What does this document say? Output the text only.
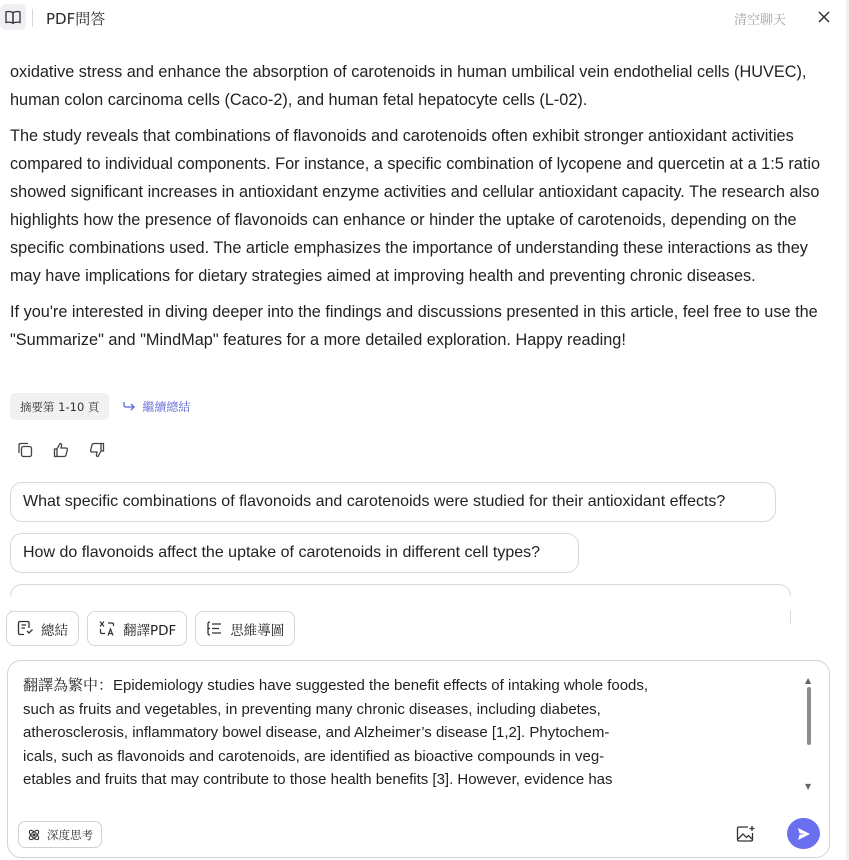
PDF問答	清空聊天

oxidative stress and enhance the absorption of carotenoids in human umbilical vein endothelial cells (HUVEC), human colon carcinoma cells (Caco-2), and human fetal hepatocyte cells (L-02).

The study reveals that combinations of flavonoids and carotenoids often exhibit stronger antioxidant activities compared to individual components. For instance, a specific combination of lycopene and quercetin at a 1:5 ratio showed significant increases in antioxidant enzyme activities and cellular antioxidant capacity. The research also highlights how the presence of flavonoids can enhance or hinder the uptake of carotenoids, depending on the specific combinations used. The article emphasizes the importance of understanding these interactions as they may have implications for dietary strategies aimed at improving health and preventing chronic diseases.

If you're interested in diving deeper into the findings and discussions presented in this article, feel free to use the "Summarize" and "MindMap" features for a more detailed exploration. Happy reading!

摘要第 1-10 頁	繼續總結
What specific combinations of flavonoids and carotenoids were studied for their antioxidant effects?
How do flavonoids affect the uptake of carotenoids in different cell types?
總結	翻譯PDF	思維導圖
翻譯為繁中：Epidemiology studies have suggested the benefit effects of intaking whole foods,
such as fruits and vegetables, in preventing many chronic diseases, including diabetes,
atherosclerosis, inflammatory bowel disease, and Alzheimer’s disease [1,2]. Phytochem-
icals, such as flavonoids and carotenoids, are identified as bioactive compounds in veg-
etables and fruits that may contribute to those health benefits [3]. However, evidence has
▲
▼
深度思考
